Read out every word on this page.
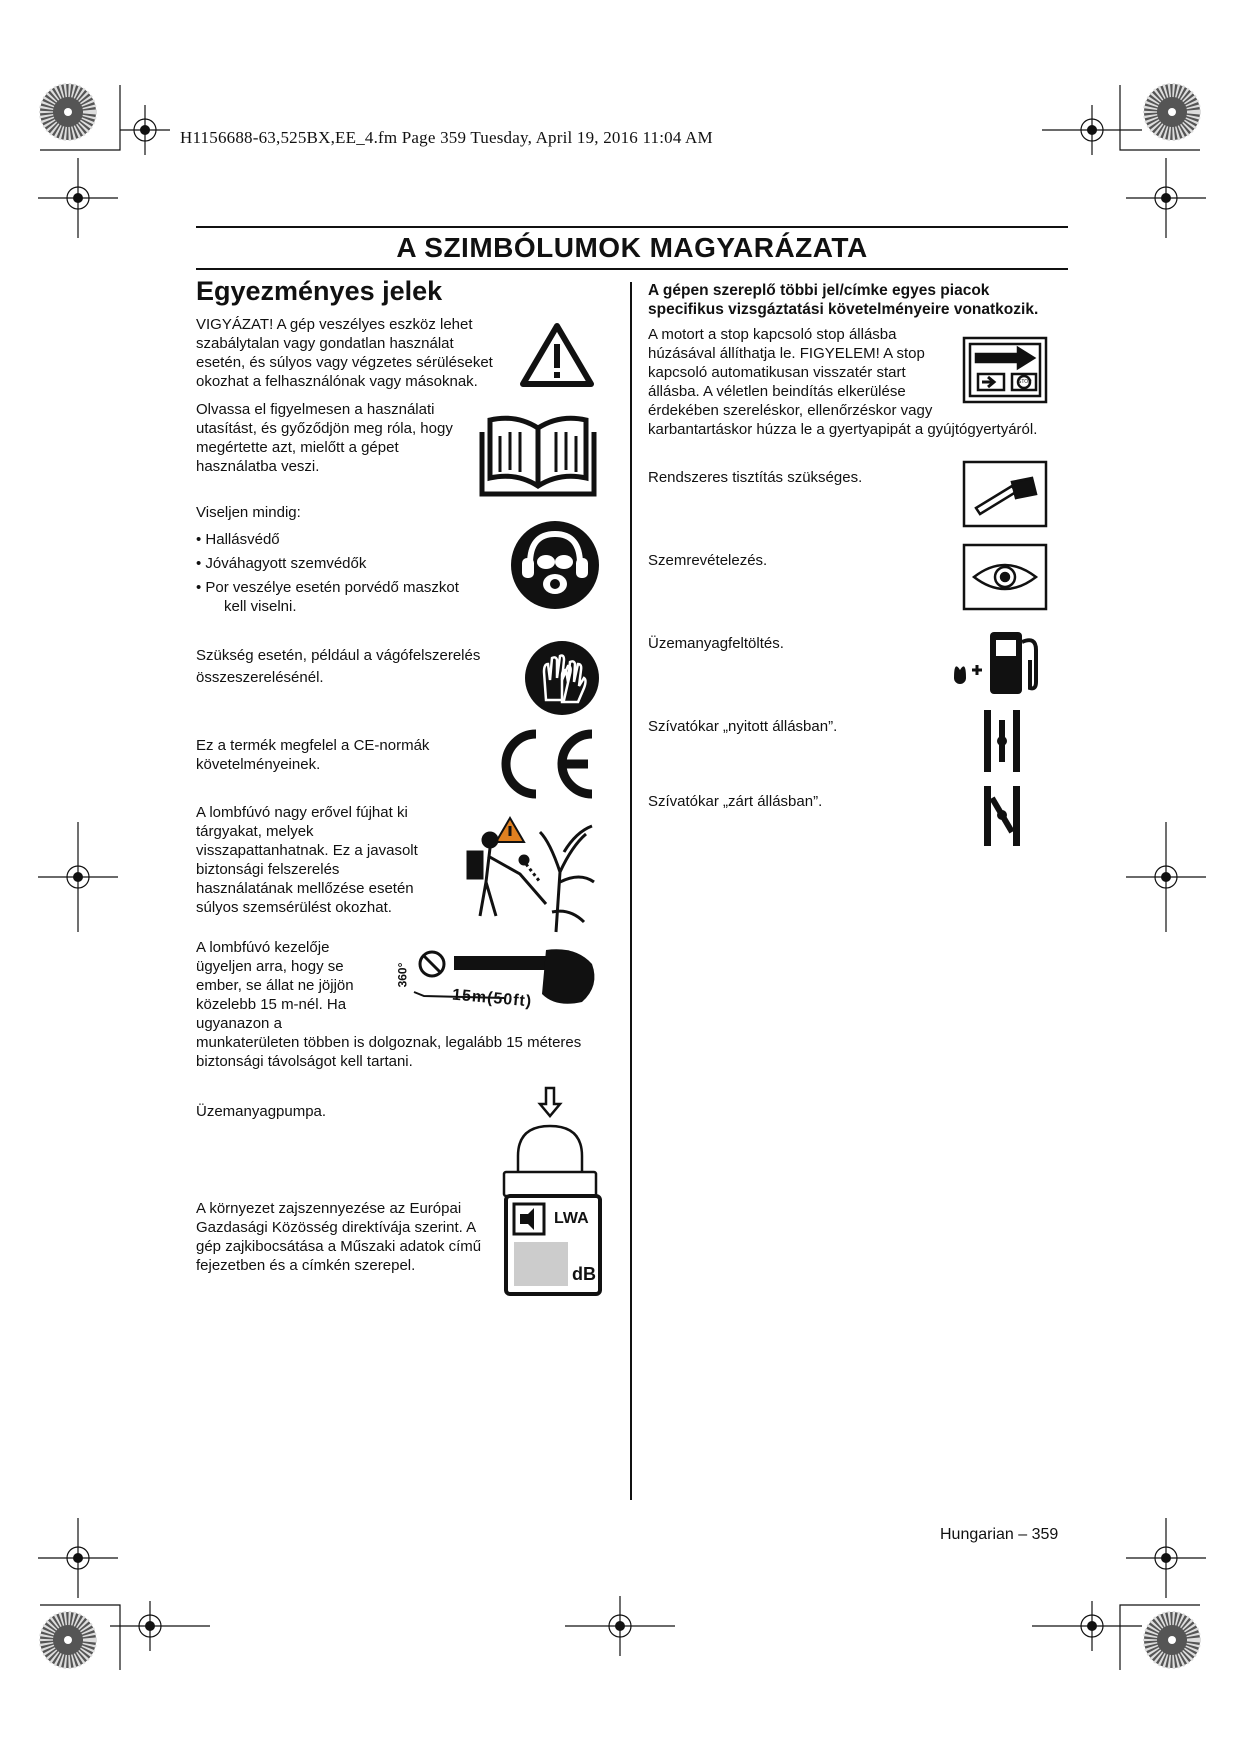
H1156688-63,525BX,EE_4.fm Page 359 Tuesday, April 19, 2016 11:04 AM
A SZIMBÓLUMOK MAGYARÁZATA
Egyezményes jelek
VIGYÁZAT! A gép veszélyes eszköz lehet
szabálytalan vagy gondatlan használat
esetén, és súlyos vagy végzetes sérüléseket
okozhat a felhasználónak vagy másoknak.
Olvassa el figyelmesen a használati
utasítást, és győződjön meg róla, hogy
megértette azt, mielőtt a gépet
használatba veszi.
Viseljen mindig:
• Hallásvédő
• Jóváhagyott szemvédők
• Por veszélye esetén porvédő maszkot
kell viselni.
Szükség esetén, például a vágófelszerelés
összeszerelésénél.
Ez a termék megfelel a CE-normák
követelményeinek.
A lombfúvó nagy erővel fújhat ki
tárgyakat, melyek
visszapattanhatnak. Ez a javasolt
biztonsági felszerelés
használatának mellőzése esetén
súlyos szemsérülést okozhat.
A lombfúvó kezelője
ügyeljen arra, hogy se
ember, se állat ne jöjjön
közelebb 15 m-nél. Ha
ugyanazon a
munkaterületen többen is dolgoznak, legalább 15 méteres
biztonsági távolságot kell tartani.
15m(50ft)
360°
Üzemanyagpumpa.
A környezet zajszennyezése az Európai
Gazdasági Közösség direktívája szerint. A
gép zajkibocsátása a Műszaki adatok című
fejezetben és a címkén szerepel.
LWA
dB
A gépen szereplő többi jel/címke egyes piacok
specifikus vizsgáztatási követelményeire vonatkozik.
A motort a stop kapcsoló stop állásba
húzásával állíthatja le. FIGYELEM! A stop
kapcsoló automatikusan visszatér start
állásba. A véletlen beindítás elkerülése
érdekében szereléskor, ellenőrzéskor vagy
karbantartáskor húzza le a gyertyapipát a gyújtógyertyáról.
STOP
Rendszeres tisztítás szükséges.
Szemrevételezés.
Üzemanyagfeltöltés.
Szívatókar „nyitott állásban”.
Szívatókar „zárt állásban”.
Hungarian – 359
